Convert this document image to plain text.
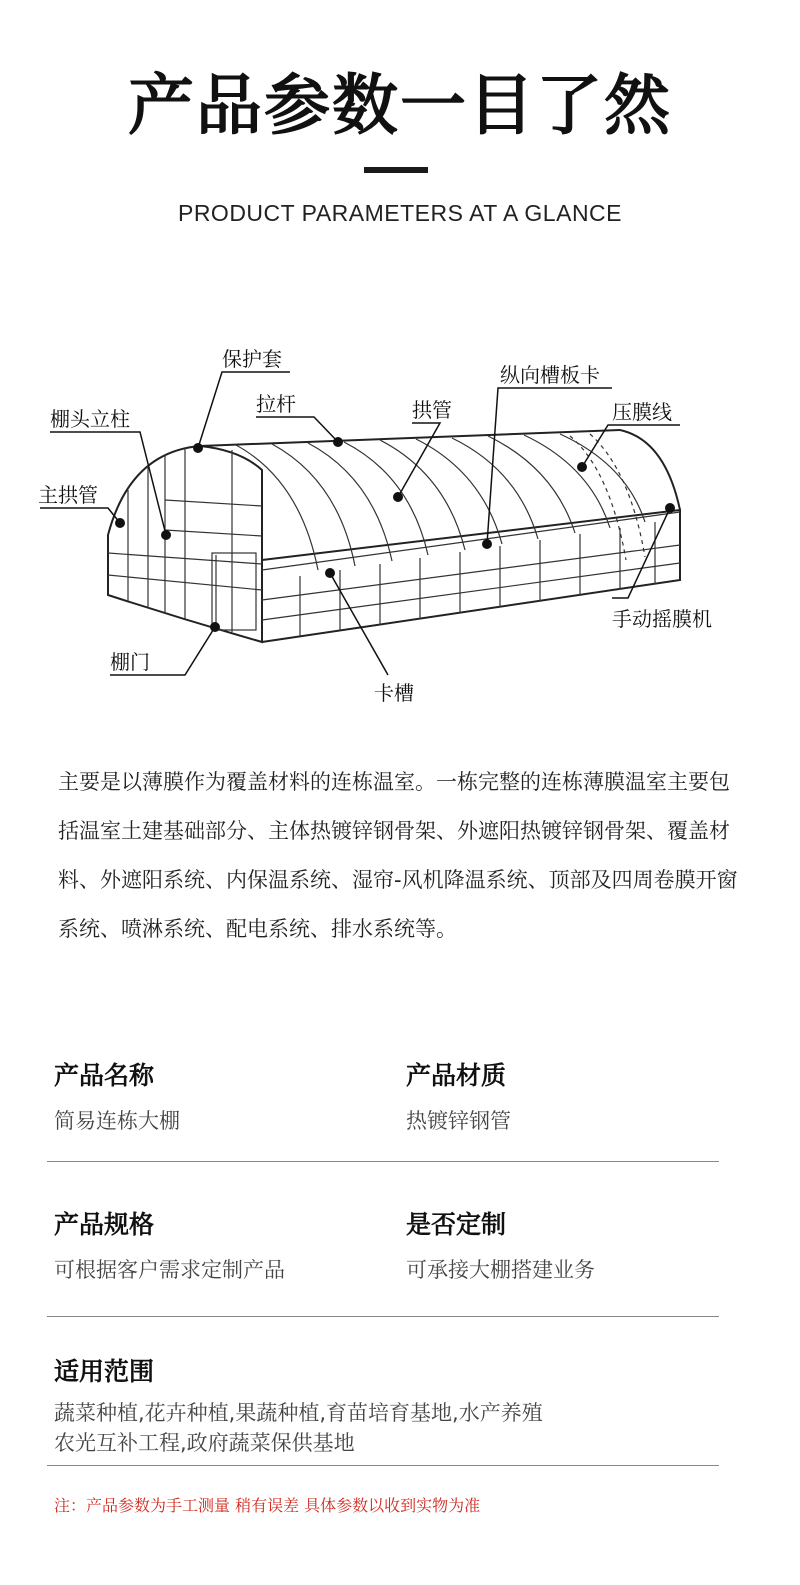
产品参数一目了然
PRODUCT PARAMETERS AT A GLANCE
保护套
拉杆
棚头立柱
主拱管
拱管
纵向槽板卡
压膜线
手动摇膜机
棚门
卡槽
主要是以薄膜作为覆盖材料的连栋温室。一栋完整的连栋薄膜温室主要包括温室土建基础部分、主体热镀锌钢骨架、外遮阳热镀锌钢骨架、覆盖材料、外遮阳系统、内保温系统、湿帘-风机降温系统、顶部及四周卷膜开窗系统、喷淋系统、配电系统、排水系统等。
产品名称
简易连栋大棚
产品材质
热镀锌钢管
产品规格
可根据客户需求定制产品
是否定制
可承接大棚搭建业务
适用范围
蔬菜种植,花卉种植,果蔬种植,育苗培育基地,水产养殖
农光互补工程,政府蔬菜保供基地
注：产品参数为手工测量 稍有误差 具体参数以收到实物为准
